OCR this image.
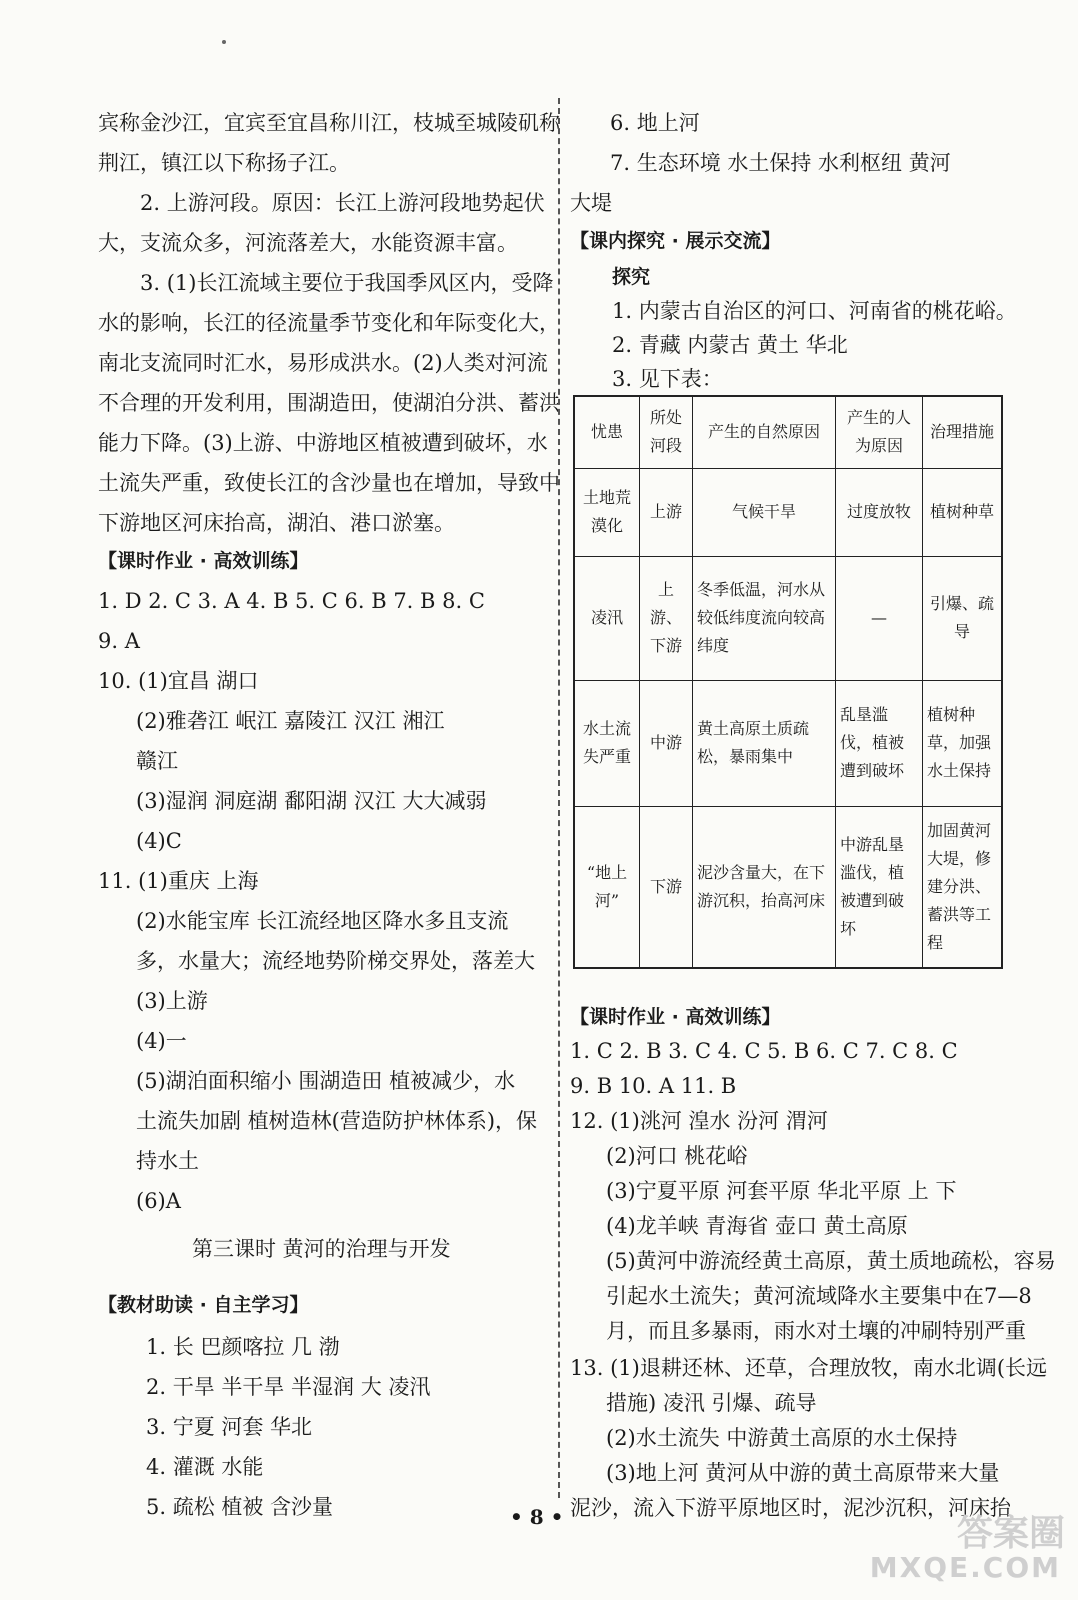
宾称金沙江，宜宾至宜昌称川江，枝城至城陵矶称
荆江，镇江以下称扬子江。
2. 上游河段。原因：长江上游河段地势起伏
大，支流众多，河流落差大，水能资源丰富。
3. (1)长江流域主要位于我国季风区内，受降
水的影响，长江的径流量季节变化和年际变化大，
南北支流同时汇水，易形成洪水。(2)人类对河流
不合理的开发利用，围湖造田，使湖泊分洪、蓄洪
能力下降。(3)上游、中游地区植被遭到破坏，水
土流失严重，致使长江的含沙量也在增加，导致中
下游地区河床抬高，湖泊、港口淤塞。
【课时作业 · 高效训练】
1. D 2. C 3. A 4. B 5. C 6. B 7. B 8. C
9. A
10. (1)宜昌 湖口
(2)雅砻江 岷江 嘉陵江 汉江 湘江
赣江
(3)湿润 洞庭湖 鄱阳湖 汉江 大大减弱
(4)C
11. (1)重庆 上海
(2)水能宝库 长江流经地区降水多且支流
多，水量大；流经地势阶梯交界处，落差大
(3)上游
(4)一
(5)湖泊面积缩小 围湖造田 植被减少，水
土流失加剧 植树造林(营造防护林体系)，保
持水土
(6)A
第三课时 黄河的治理与开发
【教材助读 · 自主学习】
1. 长 巴颜喀拉 几 渤
2. 干旱 半干旱 半湿润 大 凌汛
3. 宁夏 河套 华北
4. 灌溉 水能
5. 疏松 植被 含沙量
6. 地上河
7. 生态环境 水土保持 水利枢纽 黄河
大堤
【课内探究 · 展示交流】
探究
1. 内蒙古自治区的河口、河南省的桃花峪。
2. 青藏 内蒙古 黄土 华北
3. 见下表：
忧患	所处河段	产生的自然原因	产生的人为原因	治理措施
土地荒漠化	上游	气候干旱	过度放牧	植树种草
凌汛	上游、下游	冬季低温，河水从较低纬度流向较高纬度	—	引爆、疏导
水土流失严重	中游	黄土高原土质疏松，暴雨集中	乱垦滥伐，植被遭到破坏	植树种草，加强水土保持
“地上河”	下游	泥沙含量大，在下游沉积，抬高河床	中游乱垦滥伐，植被遭到破坏	加固黄河大堤，修建分洪、蓄洪等工程
【课时作业 · 高效训练】
1. C 2. B 3. C 4. C 5. B 6. C 7. C 8. C
9. B 10. A 11. B
12. (1)洮河 湟水 汾河 渭河
(2)河口 桃花峪
(3)宁夏平原 河套平原 华北平原 上 下
(4)龙羊峡 青海省 壶口 黄土高原
(5)黄河中游流经黄土高原，黄土质地疏松，容易
引起水土流失；黄河流域降水主要集中在7—8
月，而且多暴雨，雨水对土壤的冲刷特别严重
13. (1)退耕还林、还草，合理放牧，南水北调(长远
措施) 凌汛 引爆、疏导
(2)水土流失 中游黄土高原的水土保持
(3)地上河 黄河从中游的黄土高原带来大量
泥沙，流入下游平原地区时，泥沙沉积，河床抬
• 8 •	答案圈
MXQE.COM
